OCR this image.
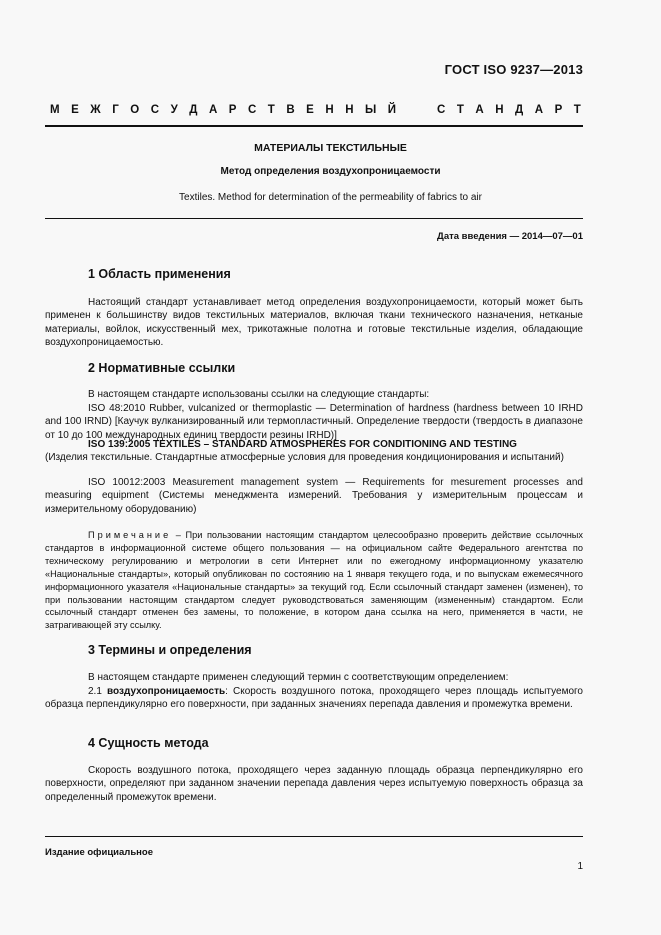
ГОСТ ISO 9237—2013
М Е Ж Г О С У Д А Р С Т В Е Н Н Ы Й

	С Т А Н Д А Р Т
МАТЕРИАЛЫ ТЕКСТИЛЬНЫЕ
Метод определения воздухопроницаемости
Textiles. Method for determination of the permeability of fabrics to air
Дата введения — 2014—07—01
1 Область применения
Настоящий стандарт устанавливает метод определения воздухопроницаемости, который может быть применен к большинству видов текстильных материалов, включая ткани технического назначения, нетканые материалы, войлок, искусственный мех, трикотажные полотна и готовые текстильные изделия, обладающие воздухопроницаемостью.
2 Нормативные ссылки
В настоящем стандарте использованы ссылки на следующие стандарты:
ISO 48:2010 Rubber, vulcanized or thermoplastic — Determination of hardness (hardness between 10 IRHD and 100 IRND) [Каучук вулканизированный или термопластичный. Определение твердости (твердость в диапазоне от 10 до 100 международных единиц твердости резины IRHD)]
ISO 139:2005 TEXTILES – STANDARD ATMOSPHERES FOR CONDITIONING AND TESTING
(Изделия текстильные. Стандартные атмосферные условия для проведения кондиционирования и испытаний)
ISO 10012:2003 Measurement management system — Requirements for mesurement processes and measuring equipment (Системы менеджмента измерений. Требования у измерительным процессам и измерительному оборудованию)
Примечание – При пользовании настоящим стандартом целесообразно проверить действие ссылочных стандартов в информационной системе общего пользования — на официальном сайте Федерального агентства по техническому регулированию и метрологии в сети Интернет или по ежегодному информационному указателю «Национальные стандарты», который опубликован по состоянию на 1 января текущего года, и по выпускам ежемесячного информационного указателя «Национальные стандарты» за текущий год. Если ссылочный стандарт заменен (изменен), то при пользовании настоящим стандартом следует руководствоваться заменяющим (измененным) стандартом. Если ссылочный стандарт отменен без замены, то положение, в котором дана ссылка на него, применяется в части, не затрагивающей эту ссылку.
3 Термины и определения
В настоящем стандарте применен следующий термин с соответствующим определением:
2.1 воздухопроницаемость: Скорость воздушного потока, проходящего через площадь испытуемого образца перпендикулярно его поверхности, при заданных значениях перепада давления и промежутка времени.
4 Сущность метода
Скорость воздушного потока, проходящего через заданную площадь образца перпендикулярно его поверхности, определяют при заданном значении перепада давления через испытуемую поверхность образца за определенный промежуток времени.
Издание официальное
1
